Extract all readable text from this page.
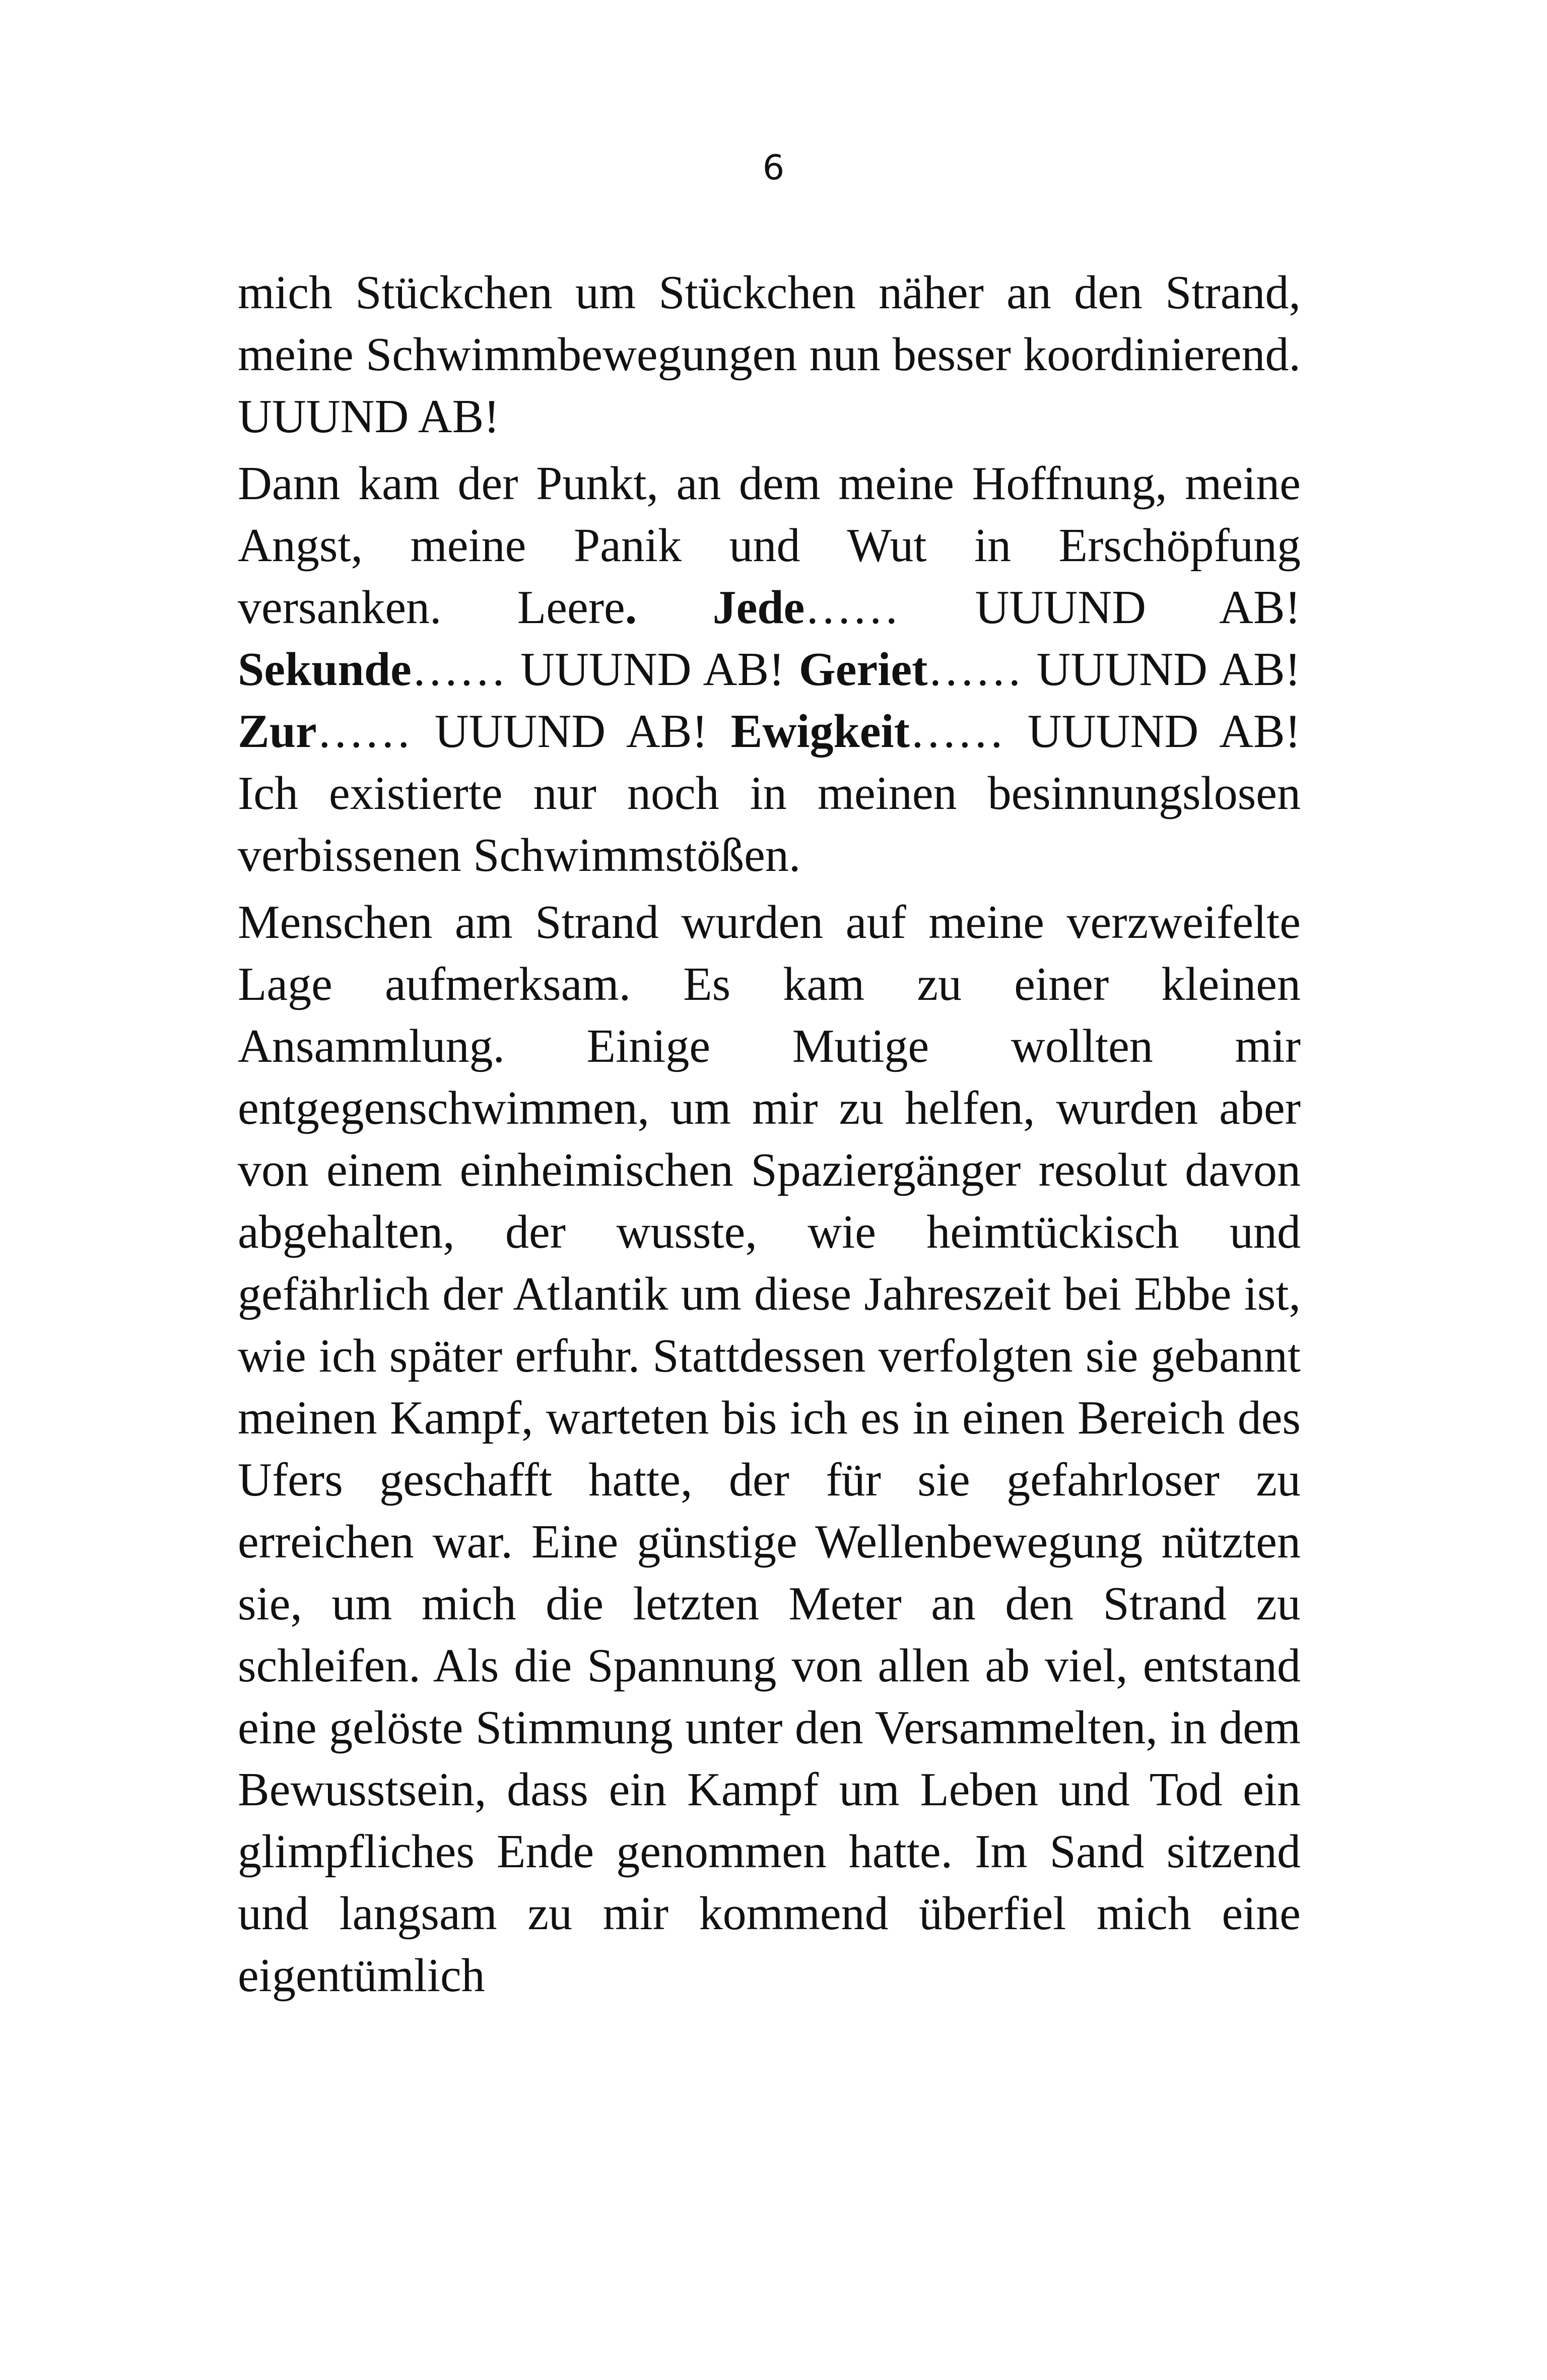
6

mich Stückchen um Stückchen näher an den Strand, meine Schwimmbewegungen nun besser koordinierend. UUUND AB!

Dann kam der Punkt, an dem meine Hoffnung, meine Angst, meine Panik und Wut in Erschöpfung versanken. Leere. Jede…… UUUND AB! Sekunde…… UUUND AB! Geriet…… UUUND AB! Zur…… UUUND AB! Ewigkeit…… UUUND AB! Ich existierte nur noch in meinen besinnungslosen verbissenen Schwimmstößen.

Menschen am Strand wurden auf meine verzweifelte Lage aufmerksam. Es kam zu einer kleinen Ansammlung. Einige Mutige wollten mir entgegenschwimmen, um mir zu helfen, wurden aber von einem einheimischen Spaziergänger resolut davon abgehalten, der wusste, wie heimtückisch und gefährlich der Atlantik um diese Jahreszeit bei Ebbe ist, wie ich später erfuhr. Stattdessen verfolgten sie gebannt meinen Kampf, warteten bis ich es in einen Bereich des Ufers geschafft hatte, der für sie gefahrloser zu erreichen war. Eine günstige Wellenbewegung nützten sie, um mich die letzten Meter an den Strand zu schleifen. Als die Spannung von allen ab viel, entstand eine gelöste Stimmung unter den Versammelten, in dem Bewusstsein, dass ein Kampf um Leben und Tod ein glimpfliches Ende genommen hatte. Im Sand sitzend und langsam zu mir kommend überfiel mich eine eigentümlich
